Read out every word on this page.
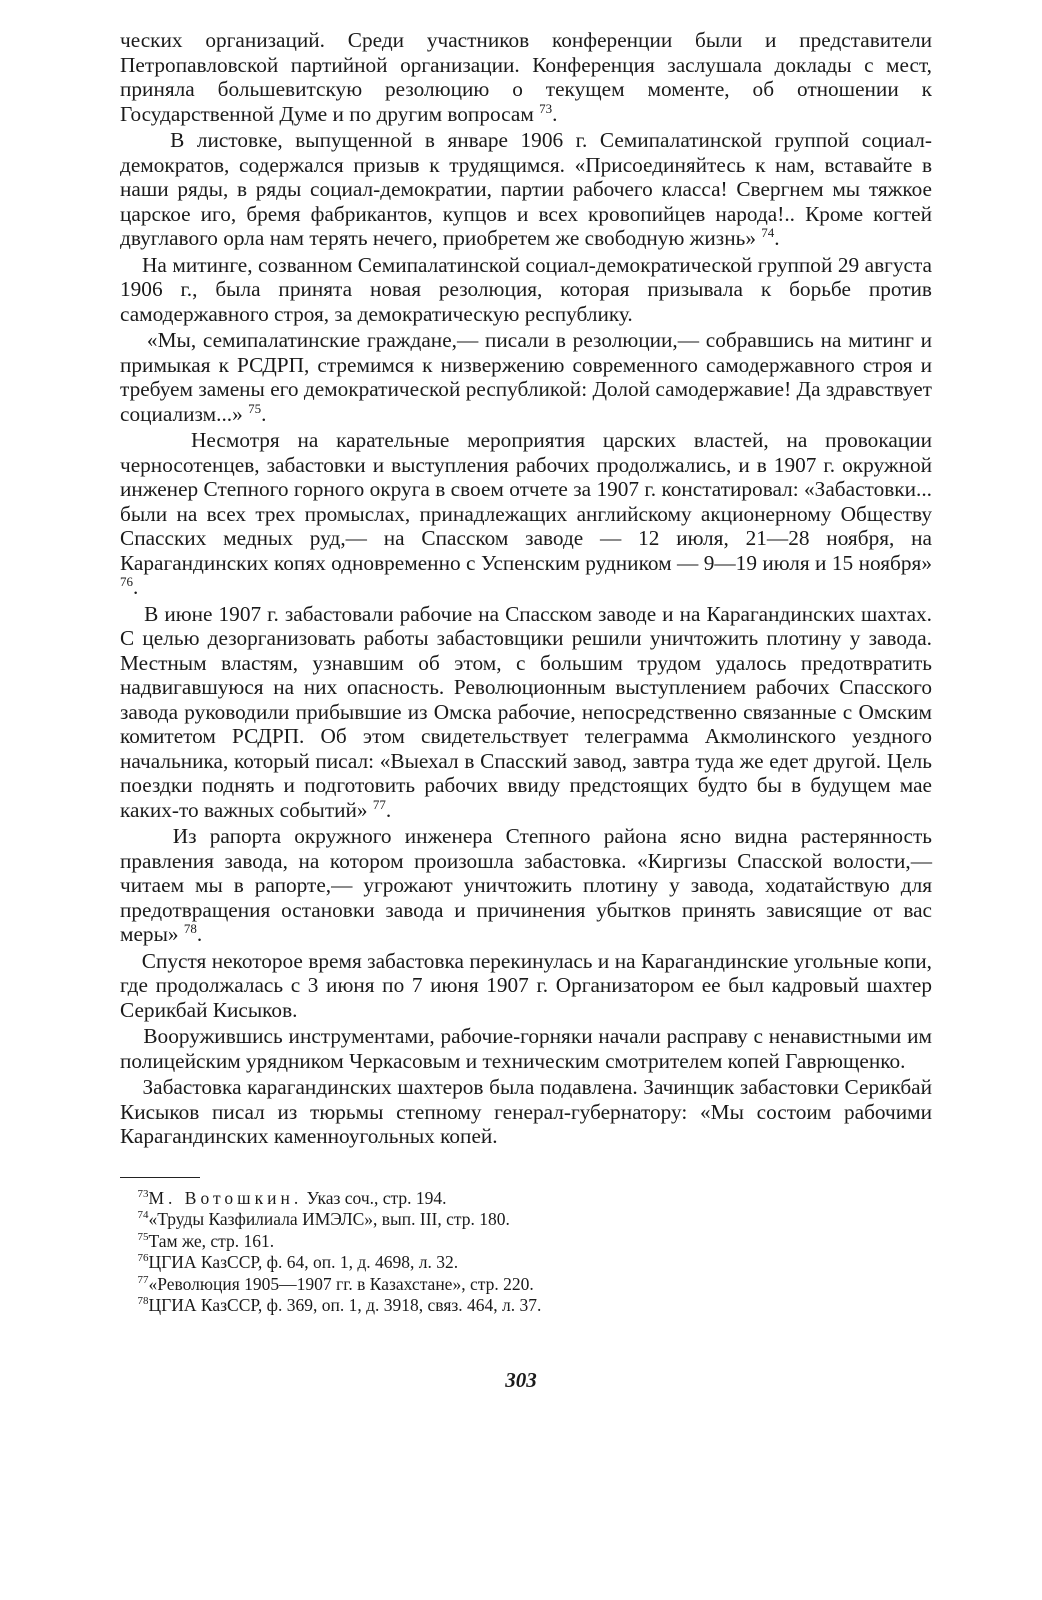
ческих организаций. Среди участников конференции были и представители Петропавловской партийной организации. Конференция заслушала доклады с мест, приняла большевитскую резолюцию о текущем моменте, об отношении к Государственной Думе и по другим вопросам $^{73}$.

В листовке, выпущенной в январе 1906 г. Семипалатинской группой социал-демократов, содержался призыв к трудящимся. «Присоединяйтесь к нам, вставайте в наши ряды, в ряды социал-демократии, партии рабочего класса! Свергнем мы тяжкое царское иго, бремя фабрикантов, купцов и всех кровопийцев народа!.. Кроме когтей двуглавого орла нам терять нечего, приобретем же свободную жизнь» $^{74}$.

На митинге, созванном Семипалатинской социал-демократической группой 29 августа 1906 г., была принята новая резолюция, которая призывала к борьбе против самодержавного строя, за демократическую республику.

«Мы, семипалатинские граждане,— писали в резолюции,— собравшись на митинг и примыкая к РСДРП, стремимся к низвержению современного самодержавного строя и требуем замены его демократической республикой: Долой самодержавие! Да здравствует социализм...» $^{75}$.

Несмотря на карательные мероприятия царских властей, на провокации черносотенцев, забастовки и выступления рабочих продолжались, и в 1907 г. окружной инженер Степного горного округа в своем отчете за 1907 г. констатировал: «Забастовки... были на всех трех промыслах, принадлежащих английскому акционерному Обществу Спасских медных руд,— на Спасском заводе — 12 июля, 21—28 ноября, на Карагандинских копях одновременно с Успенским рудником — 9—19 июля и 15 ноября» $^{76}$.

В июне 1907 г. забастовали рабочие на Спасском заводе и на Карагандинских шахтах. С целью дезорганизовать работы забастовщики решили уничтожить плотину у завода. Местным властям, узнавшим об этом, с большим трудом удалось предотвратить надвигавшуюся на них опасность. Революционным выступлением рабочих Спасского завода руководили прибывшие из Омска рабочие, непосредственно связанные с Омским комитетом РСДРП. Об этом свидетельствует телеграмма Акмолинского уездного начальника, который писал: «Выехал в Спасский завод, завтра туда же едет другой. Цель поездки поднять и подготовить рабочих ввиду предстоящих будто бы в будущем мае каких-то важных событий» $^{77}$.

Из рапорта окружного инженера Степного района ясно видна растерянность правления завода, на котором произошла забастовка. «Киргизы Спасской волости,— читаем мы в рапорте,— угрожают уничтожить плотину у завода, ходатайствую для предотвращения остановки завода и причинения убытков принять зависящие от вас меры» $^{78}$.

Спустя некоторое время забастовка перекинулась и на Карагандинские угольные копи, где продолжалась с 3 июня по 7 июня 1907 г. Организатором ее был кадровый шахтер Серикбай Кисыков.

Вооружившись инструментами, рабочие-горняки начали расправу с ненавистными им полицейским урядником Черкасовым и техническим смотрителем копей Гаврющенко.

Забастовка карагандинских шахтеров была подавлена. Зачинщик забастовки Серикбай Кисыков писал из тюрьмы степному генерал-губернатору: «Мы состоим рабочими Карагандинских каменноугольных копей.

$^{73}$М. Вотошкин. Указ соч., стр. 194.

$^{74}$«Труды Казфилиала ИМЭЛС», вып. III, стр. 180.

$^{75}$Там же, стр. 161.

$^{76}$ЦГИА КазССР, ф. 64, оп. 1, д. 4698, л. 32.

$^{77}$«Революция 1905—1907 гг. в Казахстане», стр. 220.

$^{78}$ЦГИА КазССР, ф. 369, оп. 1, д. 3918, связ. 464, л. 37.

303
